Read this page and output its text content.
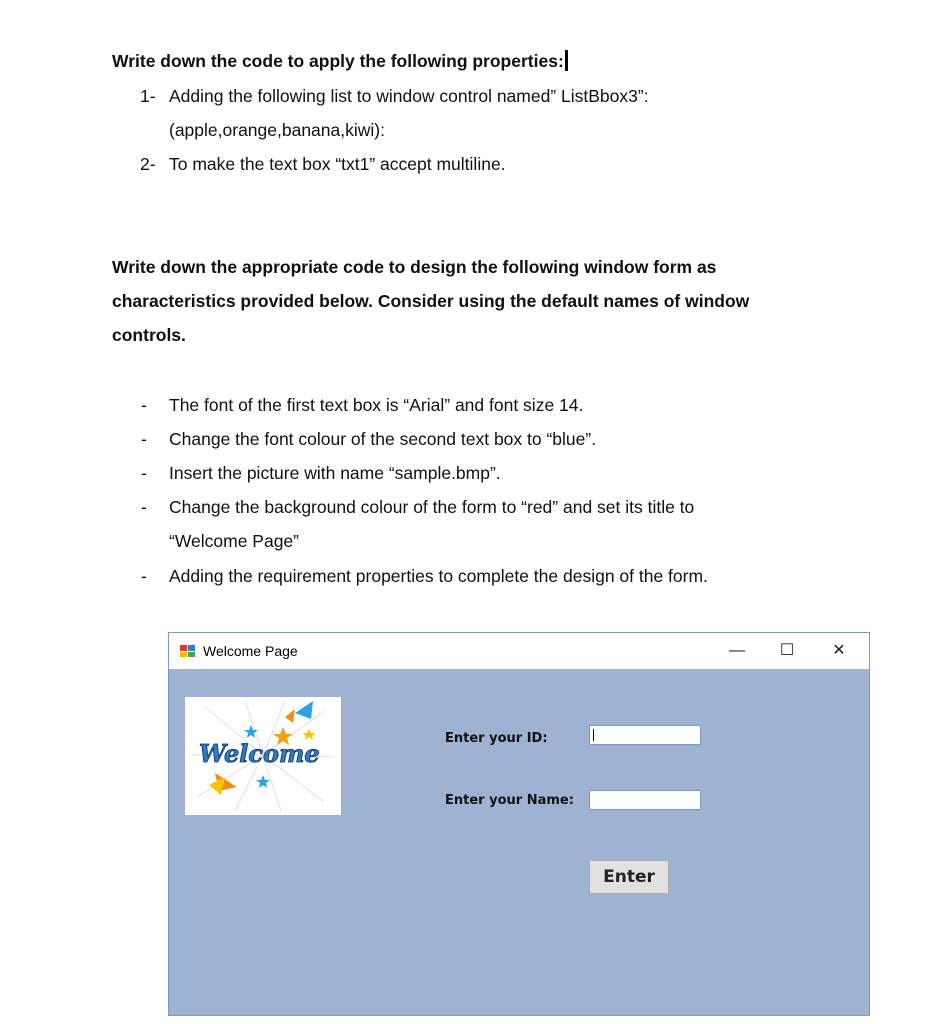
Write down the code to apply the following properties:
1- Adding the following list to window control named” ListBbox3”:
(apple,orange,banana,kiwi):
2- To make the text box “txt1” accept multiline.
Write down the appropriate code to design the following window form as
characteristics provided below. Consider using the default names of window
controls.
- The font of the first text box is “Arial” and font size 14.
- Change the font colour of the second text box to “blue”.
- Insert the picture with name “sample.bmp”.
- Change the background colour of the form to “red” and set its title to
“Welcome Page”
- Adding the requirement properties to complete the design of the form.
Welcome Page	—	☐	✕
Welcome
Enter your ID:
Enter your Name:
Enter
